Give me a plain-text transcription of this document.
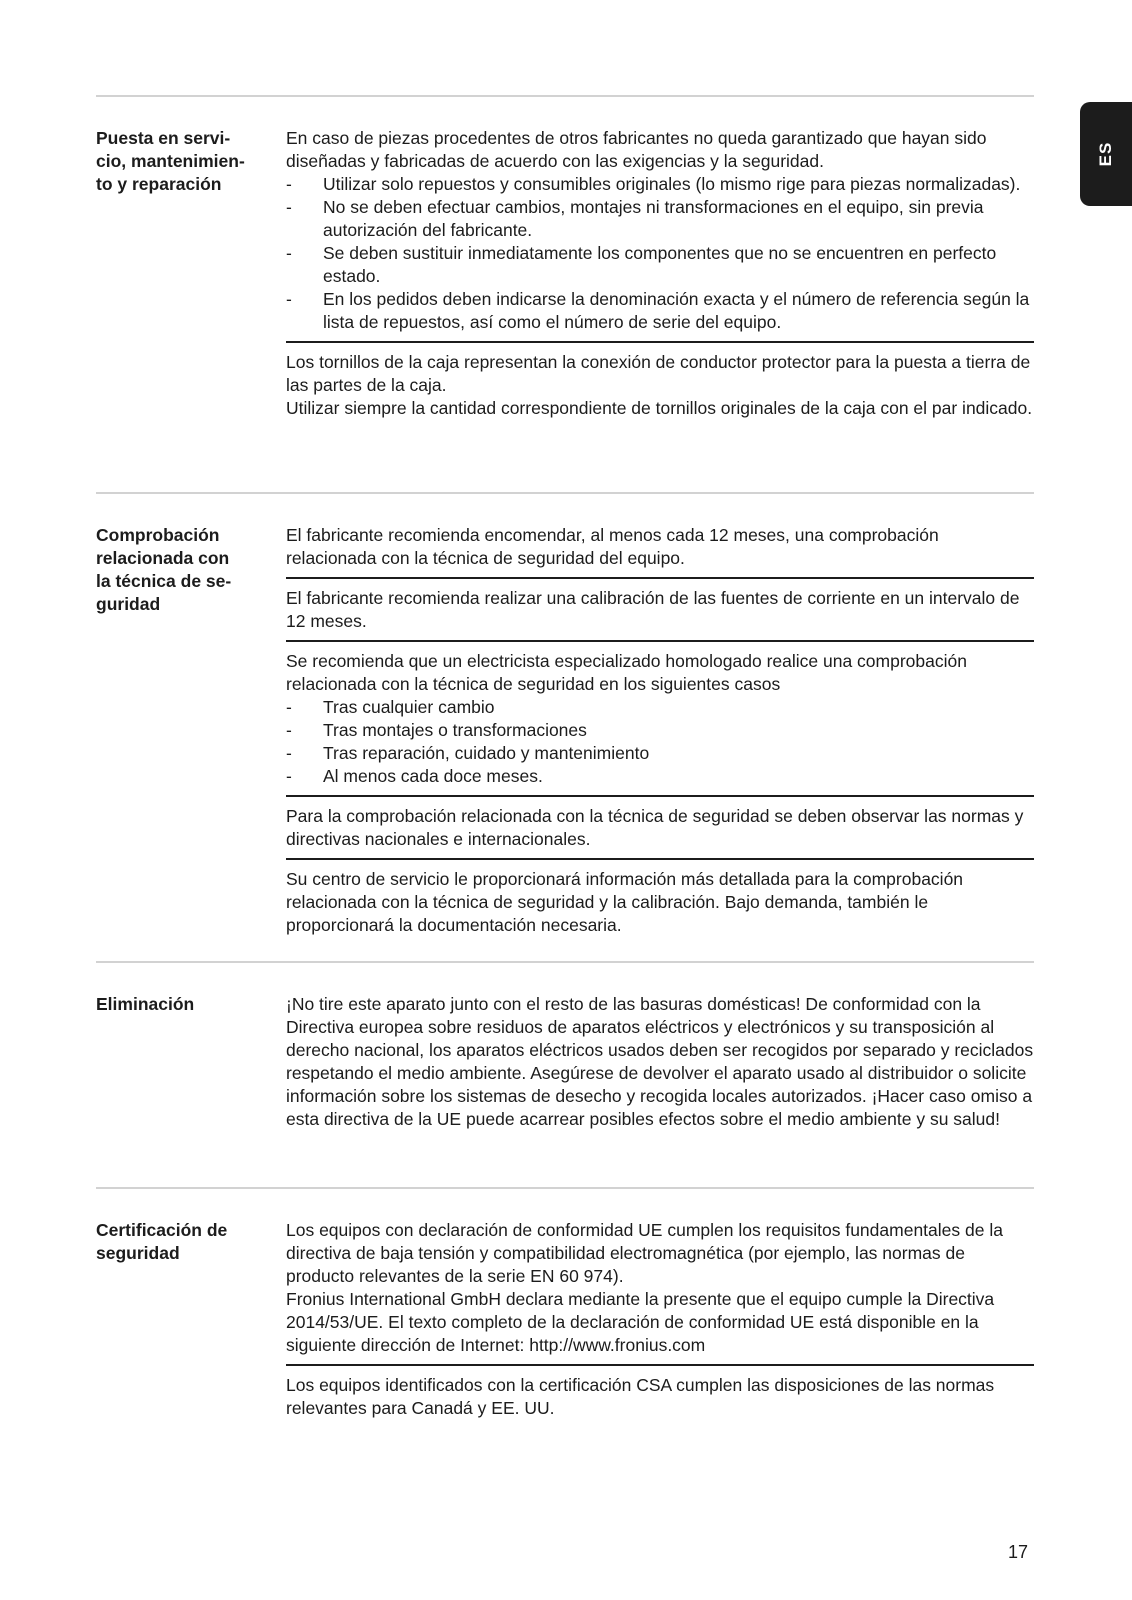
ES
Puesta en servi-
cio, mantenimien-
to y reparación

En caso de piezas procedentes de otros fabricantes no queda garantizado que hayan sido diseñadas y fabricadas de acuerdo con las exigencias y la seguridad.

- Utilizar solo repuestos y consumibles originales (lo mismo rige para piezas normalizadas).
- No se deben efectuar cambios, montajes ni transformaciones en el equipo, sin previa autorización del fabricante.
- Se deben sustituir inmediatamente los componentes que no se encuentren en perfecto estado.
- En los pedidos deben indicarse la denominación exacta y el número de referencia según la lista de repuestos, así como el número de serie del equipo.

Los tornillos de la caja representan la conexión de conductor protector para la puesta a tierra de las partes de la caja.

Utilizar siempre la cantidad correspondiente de tornillos originales de la caja con el par indicado.

Comprobación
relacionada con
la técnica de se-
guridad

El fabricante recomienda encomendar, al menos cada 12 meses, una comprobación relacionada con la técnica de seguridad del equipo.

El fabricante recomienda realizar una calibración de las fuentes de corriente en un intervalo de 12 meses.

Se recomienda que un electricista especializado homologado realice una comprobación relacionada con la técnica de seguridad en los siguientes casos

- Tras cualquier cambio
- Tras montajes o transformaciones
- Tras reparación, cuidado y mantenimiento
- Al menos cada doce meses.

Para la comprobación relacionada con la técnica de seguridad se deben observar las normas y directivas nacionales e internacionales.

Su centro de servicio le proporcionará información más detallada para la comprobación relacionada con la técnica de seguridad y la calibración. Bajo demanda, también le proporcionará la documentación necesaria.

Eliminación	¡No tire este aparato junto con el resto de las basuras domésticas! De conformidad con la Directiva europea sobre residuos de aparatos eléctricos y electrónicos y su transposición al derecho nacional, los aparatos eléctricos usados deben ser recogidos por separado y reciclados respetando el medio ambiente. Asegúrese de devolver el aparato usado al distribuidor o solicite información sobre los sistemas de desecho y recogida locales autorizados. ¡Hacer caso omiso a esta directiva de la UE puede acarrear posibles efectos sobre el medio ambiente y su salud!

Certificación de
seguridad

Los equipos con declaración de conformidad UE cumplen los requisitos fundamentales de la directiva de baja tensión y compatibilidad electromagnética (por ejemplo, las normas de producto relevantes de la serie EN 60 974).

Fronius International GmbH declara mediante la presente que el equipo cumple la Directiva 2014/53/UE. El texto completo de la declaración de conformidad UE está disponible en la siguiente dirección de Internet: http://www.fronius.com

Los equipos identificados con la certificación CSA cumplen las disposiciones de las normas relevantes para Canadá y EE. UU.

17
